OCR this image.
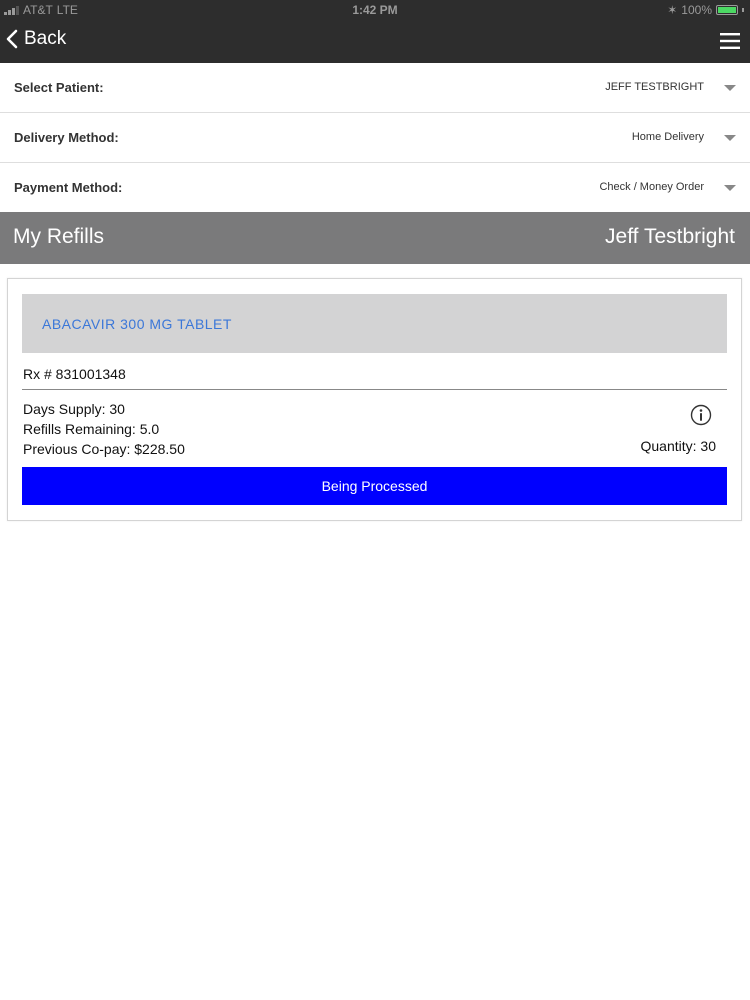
AT&T LTE	1:42 PM	✶ 100%
Back
Select Patient:	JEFF TESTBRIGHT
Delivery Method:	Home Delivery
Payment Method:	Check / Money Order
My Refills	Jeff Testbright
ABACAVIR 300 MG TABLET
Rx # 831001348
Days Supply: 30
Refills Remaining: 5.0
Previous Co-pay: $228.50	Quantity: 30
Being Processed
